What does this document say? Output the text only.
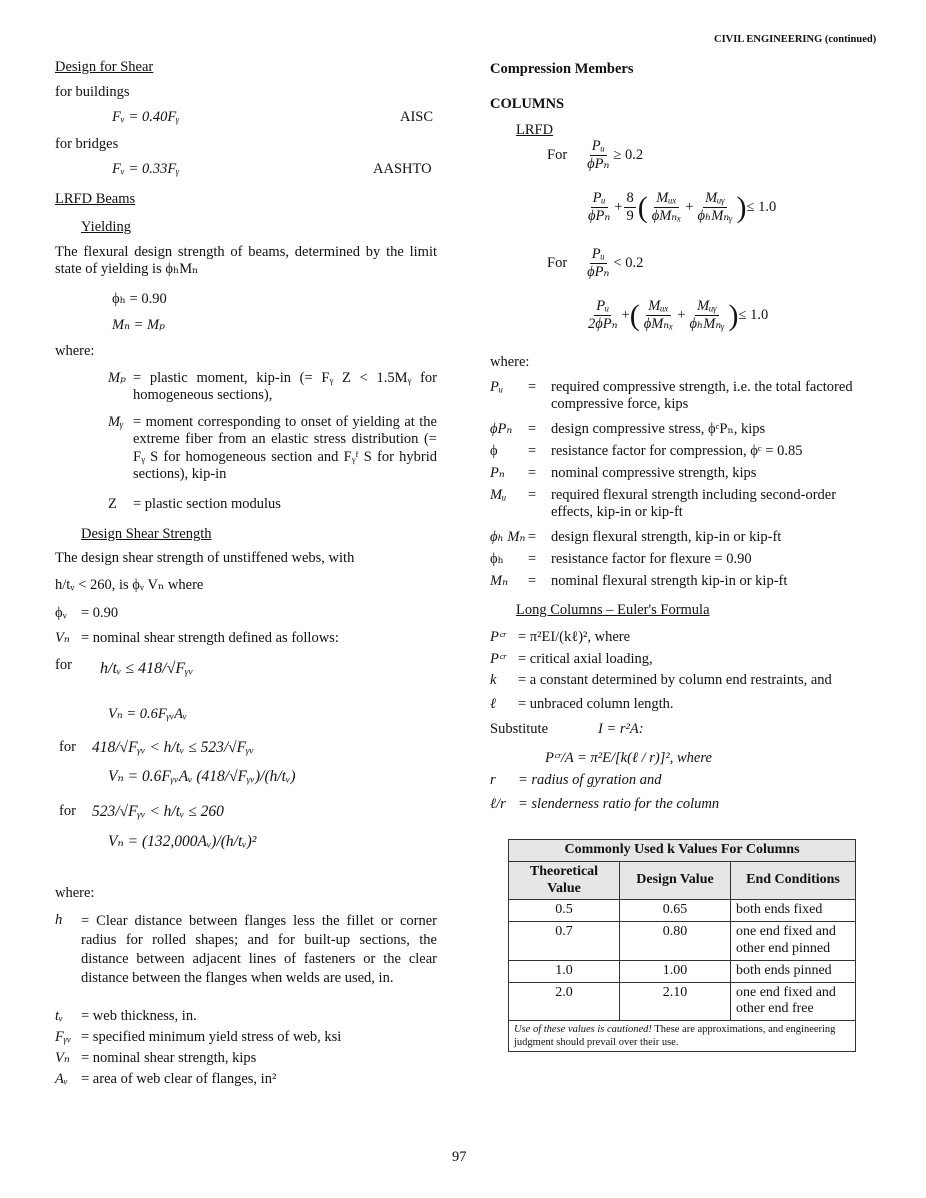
CIVIL ENGINEERING (continued)
Design for Shear
for buildings
Fᵥ = 0.40Fᵧ	AISC
for bridges
Fᵥ = 0.33Fᵧ	AASHTO
LRFD Beams
Yielding
The flexural design strength of beams, determined by the limit state of yielding is ϕₕMₙ
ϕₕ = 0.90
Mₙ = Mₚ
where:
Mₚ = plastic moment, kip-in (= Fᵧ Z < 1.5Mᵧ for homogeneous sections),
Mᵧ = moment corresponding to onset of yielding at the extreme fiber from an elastic stress distribution (= Fᵧ S for homogeneous section and Fᵧᶠ S for hybrid sections), kip-in
Z = plastic section modulus
Design Shear Strength
The design shear strength of unstiffened webs, with
h/tᵥ < 260, is ϕᵥ Vₙ where
ϕᵥ = 0.90
Vₙ = nominal shear strength defined as follows:
for h/tᵥ ≤ 418/√Fᵧᵥ
Vₙ = 0.6FᵧᵥAᵥ
for 418/√Fᵧᵥ < h/tᵥ ≤ 523/√Fᵧᵥ
Vₙ = 0.6FᵧᵥAᵥ (418/√Fᵧᵥ)/(h/tᵥ)
for 523/√Fᵧᵥ < h/tᵥ ≤ 260
Vₙ = (132,000Aᵥ)/(h/tᵥ)²
where:
h = Clear distance between flanges less the fillet or corner radius for rolled shapes; and for built-up sections, the distance between adjacent lines of fasteners or the clear distance between the flanges when welds are used, in.
tᵥ = web thickness, in.
Fᵧᵥ = specified minimum yield stress of web, ksi
Vₙ = nominal shear strength, kips
Aᵥ = area of web clear of flanges, in²
Compression Members
COLUMNS
LRFD
For $\frac{\text{Pᵤ}}{\text{ϕPₙ}} \ge 0.2$
$\frac{\text{Pᵤ}}{\text{ϕPₙ}} + \frac{8}{9}$ ( $\frac{\text{Mᵤₓ}}{\text{ϕMₙₓ}} + \frac{\text{Mᵤᵧ}}{\text{ϕₕMₙᵧ}}$ ) ≤ 1.0
For $\frac{\text{Pᵤ}}{\text{ϕPₙ}} < 0.2$
$\frac{\text{Pᵤ}}{\text{2ϕPₙ}}$ + ( $\frac{\text{Mᵤₓ}}{\text{ϕMₙₓ}} + \frac{\text{Mᵤᵧ}}{\text{ϕₕMₙᵧ}}$ ) ≤ 1.0
where:
Pᵤ = required compressive strength, i.e. the total factored compressive force, kips
ϕPₙ = design compressive stress, ϕᶜPₙ, kips
ϕ = resistance factor for compression, ϕᶜ = 0.85
Pₙ = nominal compressive strength, kips
Mᵤ = required flexural strength including second-order effects, kip-in or kip-ft
ϕₕ Mₙ = design flexural strength, kip-in or kip-ft
ϕₕ = resistance factor for flexure = 0.90
Mₙ = nominal flexural strength kip-in or kip-ft
Long Columns – Euler's Formula
Pᶜʳ = π²EI/(kℓ)², where
Pᶜʳ = critical axial loading,
k = a constant determined by column end restraints, and
ℓ = unbraced column length.
Substitute	I = r²A:
Pᶜʳ/A = π²E/[k(ℓ / r)]², where
r = radius of gyration and
ℓ/r = slenderness ratio for the column
Commonly Used k Values For Columns		
Theoretical Value	Design Value	End Conditions
0.5	0.65	both ends fixed
0.7	0.80	one end fixed and other end pinned
1.0	1.00	both ends pinned
2.0	2.10	one end fixed and other end free
Use of these values is cautioned! These are approximations, and engineering judgment should prevail over their use.		
97
